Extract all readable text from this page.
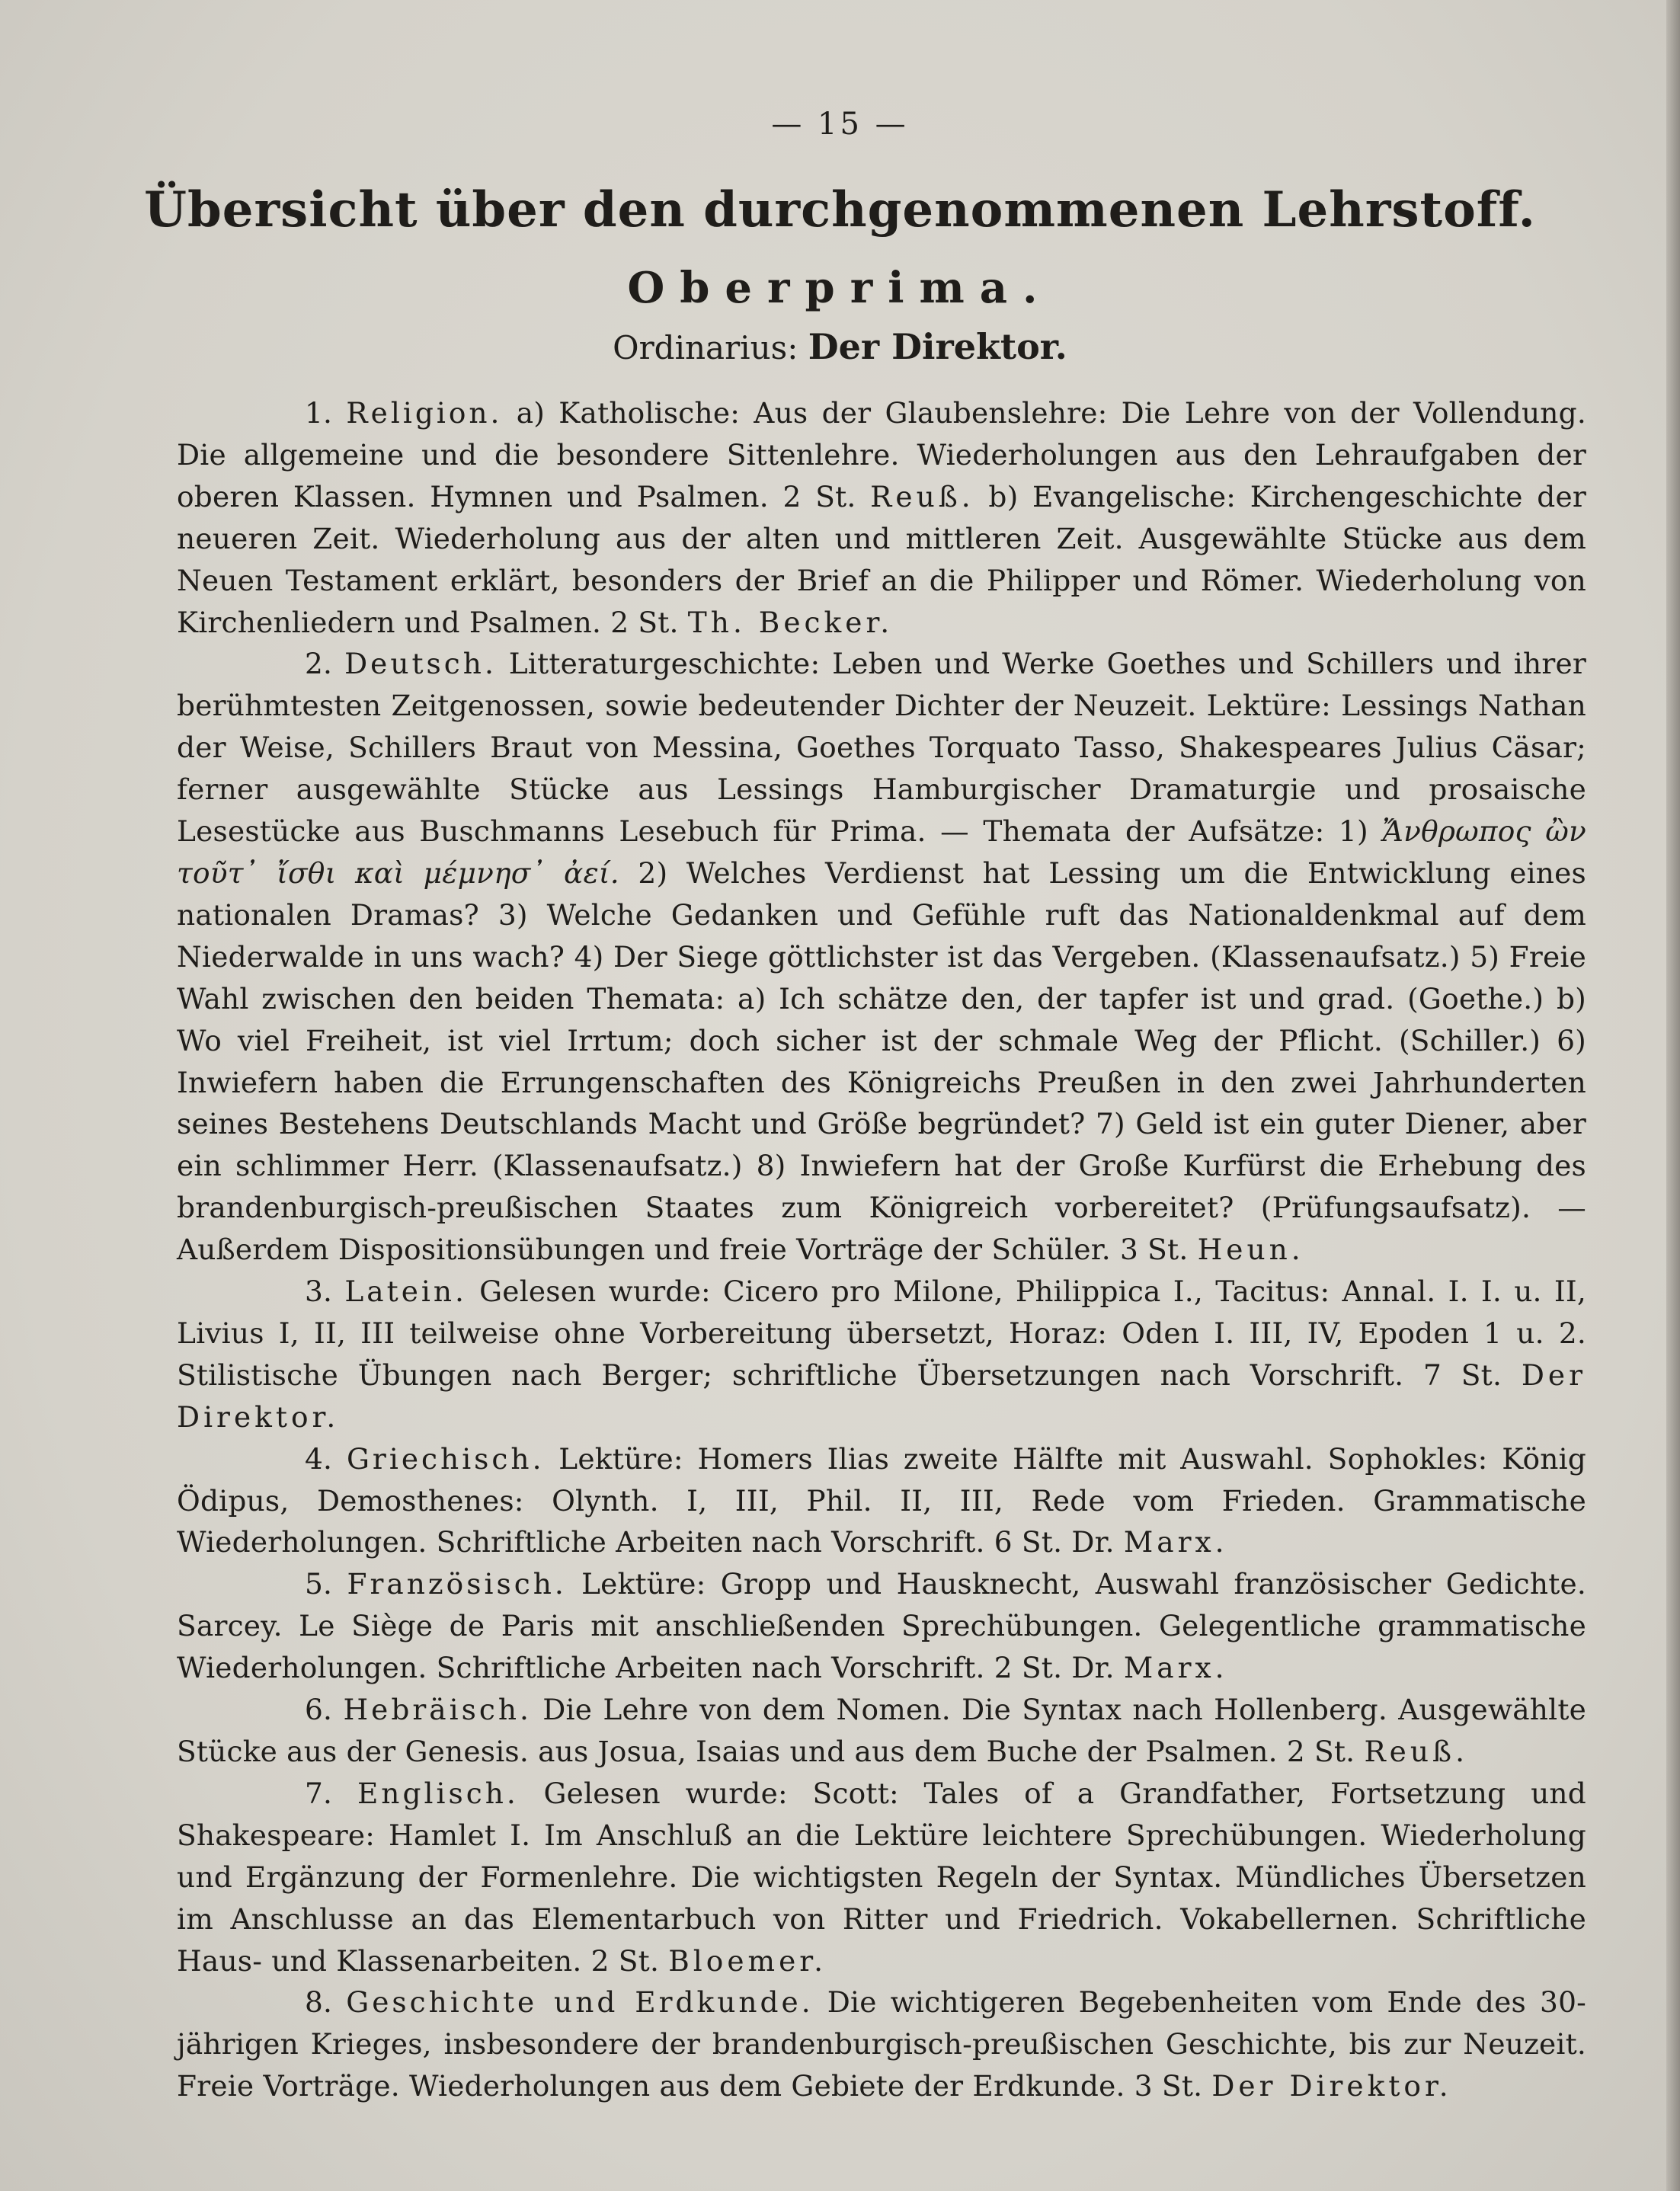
— 15 —
Übersicht über den durchgenommenen Lehrstoff.
Oberprima.
Ordinarius: Der Direktor.

1. Religion. a) Katholische: Aus der Glaubenslehre: Die Lehre von der Vollendung. Die allgemeine und die besondere Sittenlehre. Wiederholungen aus den Lehraufgaben der oberen Klassen. Hymnen und Psalmen. 2 St. Reuß. b) Evangelische: Kirchengeschichte der neueren Zeit. Wiederholung aus der alten und mittleren Zeit. Ausgewählte Stücke aus dem Neuen Testament erklärt, besonders der Brief an die Philipper und Römer. Wiederholung von Kirchenliedern und Psalmen. 2 St. Th. Becker.

2. Deutsch. Litteraturgeschichte: Leben und Werke Goethes und Schillers und ihrer berühmtesten Zeitgenossen, sowie bedeutender Dichter der Neuzeit. Lektüre: Lessings Nathan der Weise, Schillers Braut von Messina, Goethes Torquato Tasso, Shakespeares Julius Cäsar; ferner ausgewählte Stücke aus Lessings Hamburgischer Dramaturgie und prosaische Lesestücke aus Buschmanns Lesebuch für Prima. — Themata der Aufsätze: 1) Ἄνθρωπος ὢν τοῦτ᾽ ἴσθι καὶ μέμνησ᾽ ἀεί. 2) Welches Verdienst hat Lessing um die Entwicklung eines nationalen Dramas? 3) Welche Gedanken und Gefühle ruft das Nationaldenkmal auf dem Niederwalde in uns wach? 4) Der Siege göttlichster ist das Vergeben. (Klassenaufsatz.) 5) Freie Wahl zwischen den beiden Themata: a) Ich schätze den, der tapfer ist und grad. (Goethe.) b) Wo viel Freiheit, ist viel Irrtum; doch sicher ist der schmale Weg der Pflicht. (Schiller.) 6) Inwiefern haben die Errungenschaften des Königreichs Preußen in den zwei Jahrhunderten seines Bestehens Deutschlands Macht und Größe begründet? 7) Geld ist ein guter Diener, aber ein schlimmer Herr. (Klassenaufsatz.) 8) Inwiefern hat der Große Kurfürst die Erhebung des brandenburgisch-preußischen Staates zum Königreich vorbereitet? (Prüfungsaufsatz). — Außerdem Dispositionsübungen und freie Vorträge der Schüler. 3 St. Heun.

3. Latein. Gelesen wurde: Cicero pro Milone, Philippica I., Tacitus: Annal. I. I. u. II, Livius I, II, III teilweise ohne Vorbereitung übersetzt, Horaz: Oden I. III, IV, Epoden 1 u. 2. Stilistische Übungen nach Berger; schriftliche Übersetzungen nach Vorschrift. 7 St. Der Direktor.

4. Griechisch. Lektüre: Homers Ilias zweite Hälfte mit Auswahl. Sophokles: König Ödipus, Demosthenes: Olynth. I, III, Phil. II, III, Rede vom Frieden. Grammatische Wiederholungen. Schriftliche Arbeiten nach Vorschrift. 6 St. Dr. Marx.

5. Französisch. Lektüre: Gropp und Hausknecht, Auswahl französischer Gedichte. Sarcey. Le Siège de Paris mit anschließenden Sprechübungen. Gelegentliche grammatische Wiederholungen. Schriftliche Arbeiten nach Vorschrift. 2 St. Dr. Marx.

6. Hebräisch. Die Lehre von dem Nomen. Die Syntax nach Hollenberg. Ausgewählte Stücke aus der Genesis. aus Josua, Isaias und aus dem Buche der Psalmen. 2 St. Reuß.

7. Englisch. Gelesen wurde: Scott: Tales of a Grandfather, Fortsetzung und Shakespeare: Hamlet I. Im Anschluß an die Lektüre leichtere Sprechübungen. Wiederholung und Ergänzung der Formenlehre. Die wichtigsten Regeln der Syntax. Mündliches Übersetzen im Anschlusse an das Elementarbuch von Ritter und Friedrich. Vokabellernen. Schriftliche Haus- und Klassenarbeiten. 2 St. Bloemer.

8. Geschichte und Erdkunde. Die wichtigeren Begebenheiten vom Ende des 30-jährigen Krieges, insbesondere der brandenburgisch-preußischen Geschichte, bis zur Neuzeit. Freie Vorträge. Wiederholungen aus dem Gebiete der Erdkunde. 3 St. Der Direktor.
